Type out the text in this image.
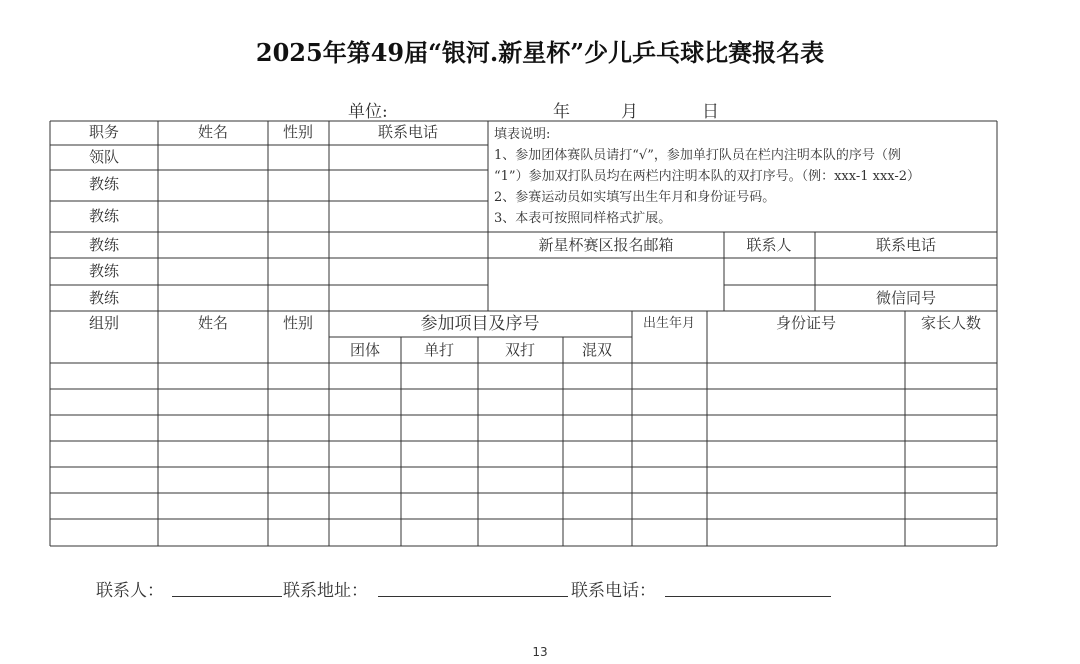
2025年第49届“银河.新星杯”少儿乒乓球比赛报名表
单位:	年	月	日
职务	姓名	性别	联系电话
领队
教练
教练
教练
教练
教练
填表说明:
1、参加团体赛队员请打“√”，参加单打队员在栏内注明本队的序号（例
“1”）参加双打队员均在两栏内注明本队的双打序号。（例：xxx-1 xxx-2）
2、参赛运动员如实填写出生年月和身份证号码。
3、本表可按照同样格式扩展。
新星杯赛区报名邮箱	联系人	联系电话
微信同号
组别	姓名	性别	参加项目及序号	出生年月	身份证号	家长人数
团体	单打	双打	混双
联系人：	联系地址：	联系电话：
13
